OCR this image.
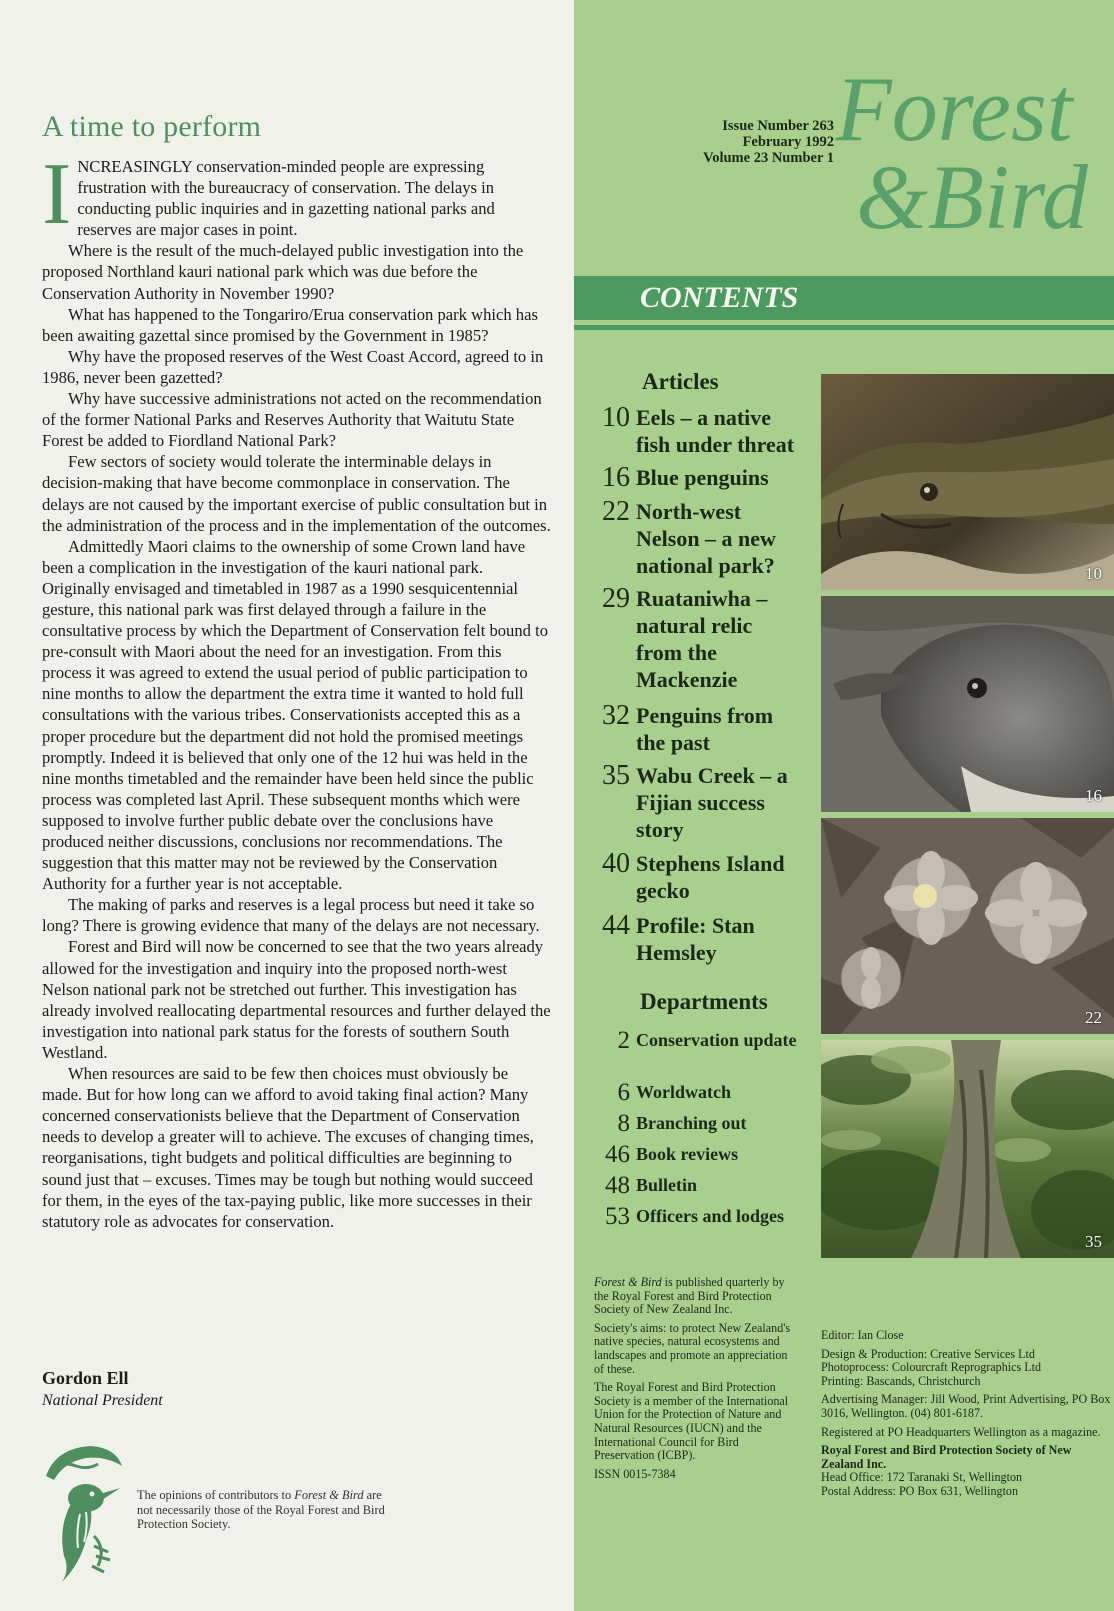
A time to perform

INCREASINGLY conservation-minded people are expressing frustration with the bureaucracy of conservation. The delays in conducting public inquiries and in gazetting national parks and reserves are major cases in point.

Where is the result of the much-delayed public investigation into the proposed Northland kauri national park which was due before the Conservation Authority in November 1990?

What has happened to the Tongariro/Erua conservation park which has been awaiting gazettal since promised by the Government in 1985?

Why have the proposed reserves of the West Coast Accord, agreed to in 1986, never been gazetted?

Why have successive administrations not acted on the recommendation of the former National Parks and Reserves Authority that Waitutu State Forest be added to Fiordland National Park?

Few sectors of society would tolerate the interminable delays in decision-making that have become commonplace in conservation. The delays are not caused by the important exercise of public consultation but in the administration of the process and in the implementation of the outcomes.

Admittedly Maori claims to the ownership of some Crown land have been a complication in the investigation of the kauri national park. Originally envisaged and timetabled in 1987 as a 1990 sesquicentennial gesture, this national park was first delayed through a failure in the consultative process by which the Department of Conservation felt bound to pre-consult with Maori about the need for an investigation. From this process it was agreed to extend the usual period of public participation to nine months to allow the department the extra time it wanted to hold full consultations with the various tribes. Conservationists accepted this as a proper procedure but the department did not hold the promised meetings promptly. Indeed it is believed that only one of the 12 hui was held in the nine months timetabled and the remainder have been held since the public process was completed last April. These subsequent months which were supposed to involve further public debate over the conclusions have produced neither discussions, conclusions nor recommendations. The suggestion that this matter may not be reviewed by the Conservation Authority for a further year is not acceptable.

The making of parks and reserves is a legal process but need it take so long? There is growing evidence that many of the delays are not necessary.

Forest and Bird will now be concerned to see that the two years already allowed for the investigation and inquiry into the proposed north-west Nelson national park not be stretched out further. This investigation has already involved reallocating departmental resources and further delayed the investigation into national park status for the forests of southern South Westland.

When resources are said to be few then choices must obviously be made. But for how long can we afford to avoid taking final action? Many concerned conservationists believe that the Department of Conservation needs to develop a greater will to achieve. The excuses of changing times, reorganisations, tight budgets and political difficulties are beginning to sound just that – excuses. Times may be tough but nothing would succeed for them, in the eyes of the tax-paying public, like more successes in their statutory role as advocates for conservation.

Gordon Ell
National President
The opinions of contributors to Forest & Bird are not necessarily those of the Royal Forest and Bird Protection Society.
Forest
&Bird
Issue Number 263
February 1992
Volume 23 Number 1
CONTENTS
Articles
10 Eels – a native fish under threat
16 Blue penguins
22 North-west Nelson – a new national park?
29 Ruataniwha – natural relic from the Mackenzie
32 Penguins from the past
35 Wabu Creek – a Fijian success story
40 Stephens Island gecko
44 Profile: Stan Hemsley
Departments
2 Conservation update
6 Worldwatch
8 Branching out
46 Book reviews
48 Bulletin
53 Officers and lodges
10
16
22
35
Forest & Bird is published quarterly by the Royal Forest and Bird Protection Society of New Zealand Inc.
Society's aims: to protect New Zealand's native species, natural ecosystems and landscapes and promote an appreciation of these.
The Royal Forest and Bird Protection Society is a member of the International Union for the Protection of Nature and Natural Resources (IUCN) and the International Council for Bird Preservation (ICBP).
ISSN 0015-7384
Editor: Ian Close
Design & Production: Creative Services Ltd
Photoprocess: Colourcraft Reprographics Ltd
Printing: Bascands, Christchurch
Advertising Manager: Jill Wood, Print Advertising, PO Box 3016, Wellington. (04) 801-6187.
Registered at PO Headquarters Wellington as a magazine.
Royal Forest and Bird Protection Society of New Zealand Inc.
Head Office: 172 Taranaki St, Wellington
Postal Address: PO Box 631, Wellington
